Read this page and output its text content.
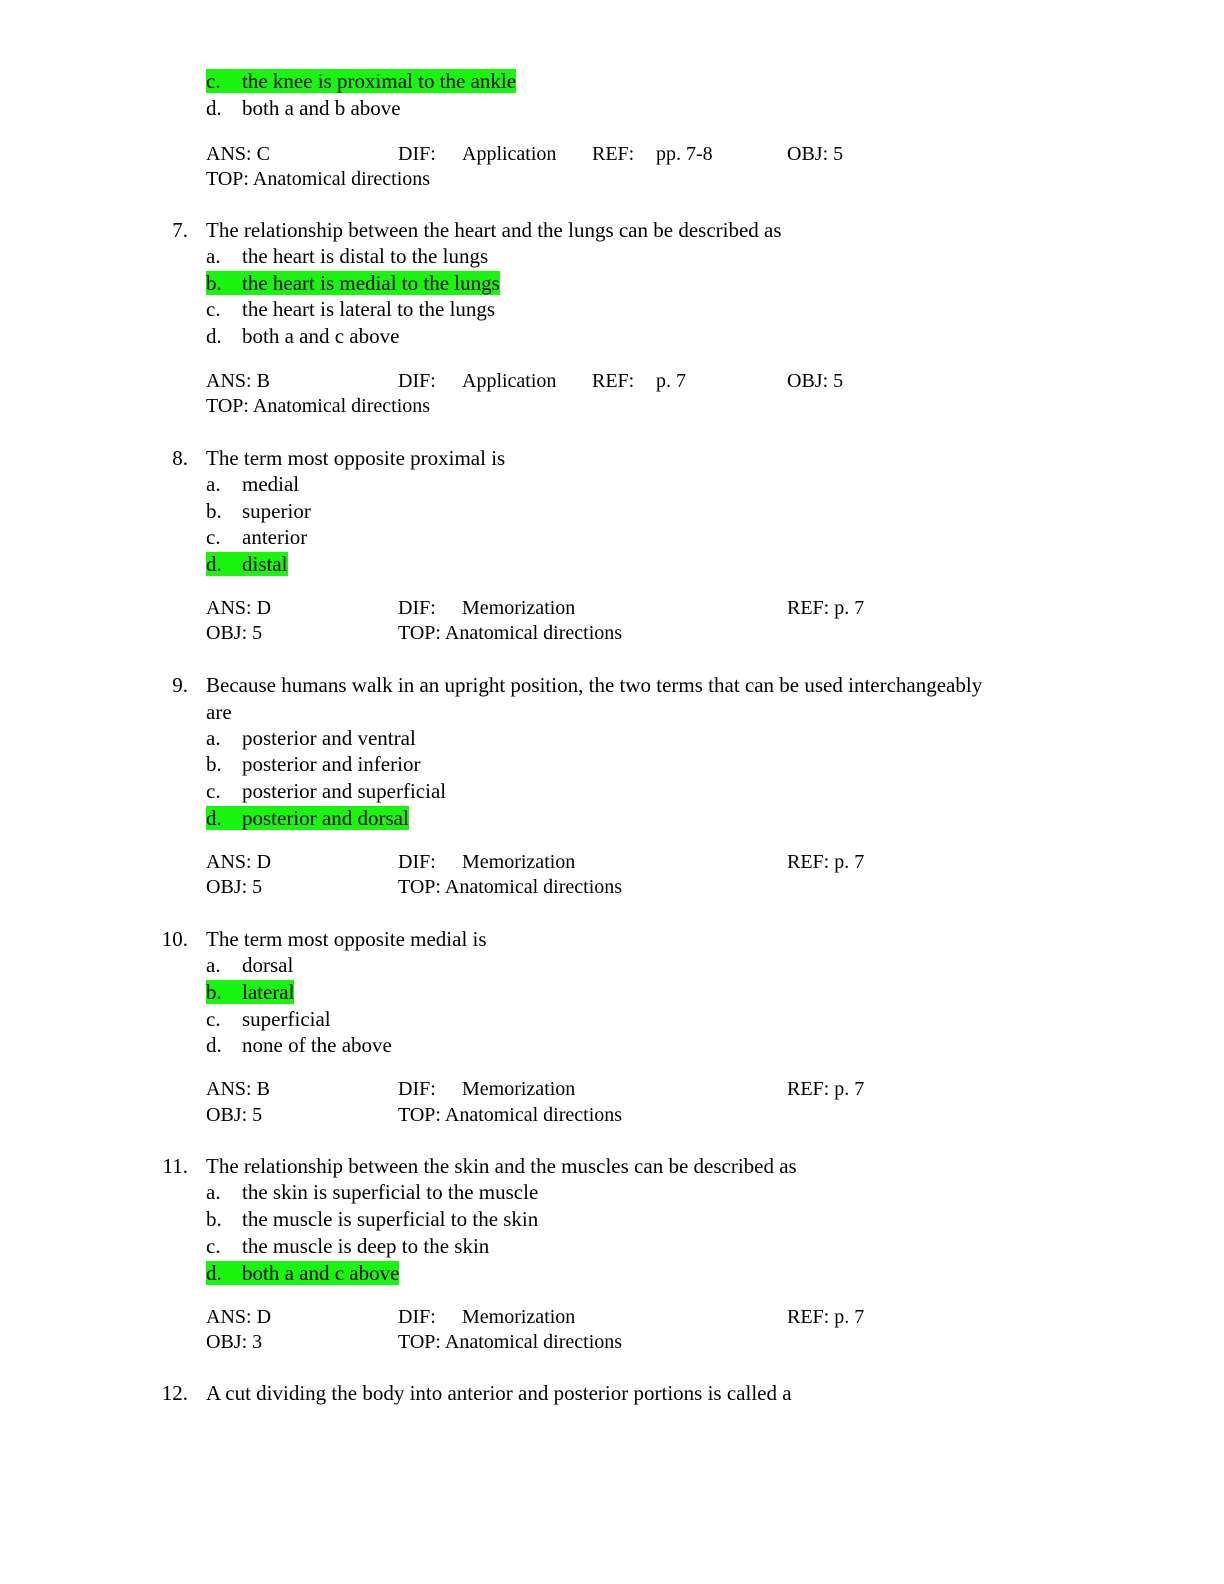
c. the knee is proximal to the ankle
d. both a and b above
ANS: C	DIF: Application REF: pp. 7-8	OBJ: 5
TOP: Anatomical directions
7. The relationship between the heart and the lungs can be described as
a. the heart is distal to the lungs
b. the heart is medial to the lungs
c. the heart is lateral to the lungs
d. both a and c above
ANS: B	DIF: Application REF: p. 7	OBJ: 5
TOP: Anatomical directions
8. The term most opposite proximal is
a. medial
b. superior
c. anterior
d. distal
ANS: D	DIF: Memorization	REF: p. 7
OBJ: 5	TOP: Anatomical directions
9. Because humans walk in an upright position, the two terms that can be used interchangeably
are
a. posterior and ventral
b. posterior and inferior
c. posterior and superficial
d. posterior and dorsal
ANS: D	DIF: Memorization	REF: p. 7
OBJ: 5	TOP: Anatomical directions
10. The term most opposite medial is
a. dorsal
b. lateral
c. superficial
d. none of the above
ANS: B	DIF: Memorization	REF: p. 7
OBJ: 5	TOP: Anatomical directions
11. The relationship between the skin and the muscles can be described as
a. the skin is superficial to the muscle
b. the muscle is superficial to the skin
c. the muscle is deep to the skin
d. both a and c above
ANS: D	DIF: Memorization	REF: p. 7
OBJ: 3	TOP: Anatomical directions
12. A cut dividing the body into anterior and posterior portions is called a
